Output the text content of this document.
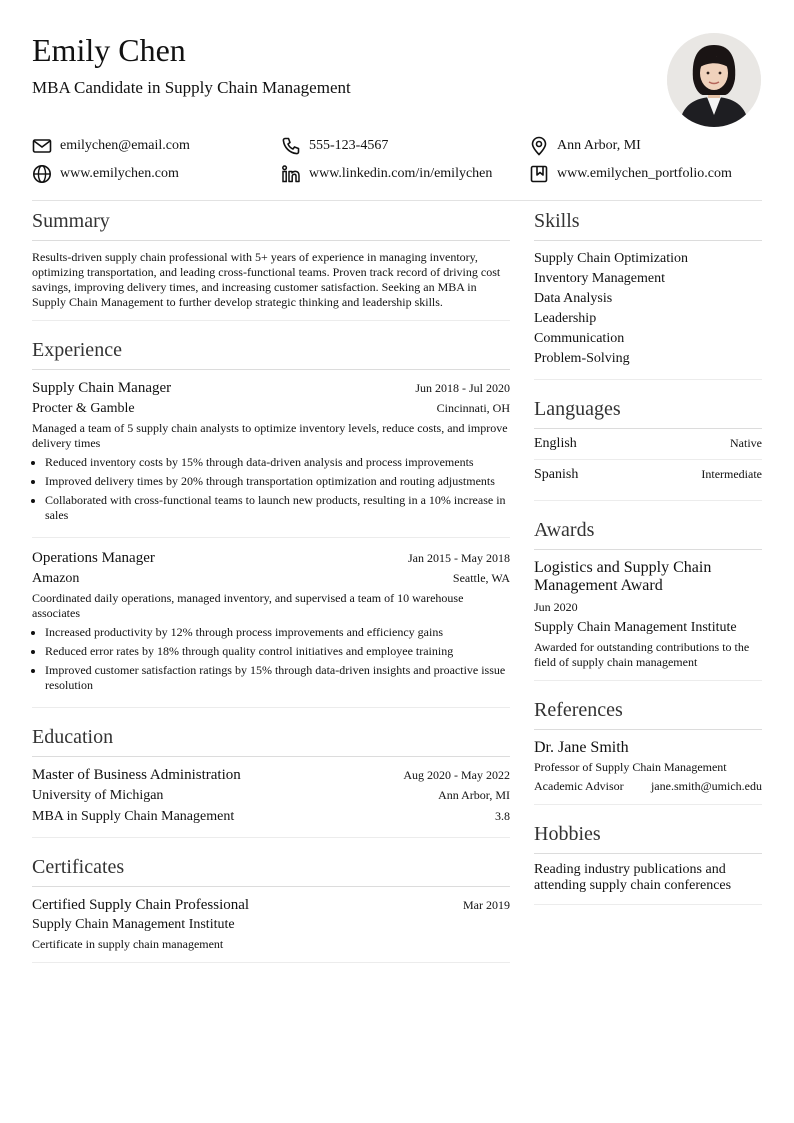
Emily Chen
MBA Candidate in Supply Chain Management
emilychen@email.com	555-123-4567	Ann Arbor, MI
www.emilychen.com	www.linkedin.com/in/emilychen	www.emilychen_portfolio.com
Summary
Results-driven supply chain professional with 5+ years of experience in managing inventory, optimizing transportation, and leading cross-functional teams. Proven track record of driving cost savings, improving delivery times, and increasing customer satisfaction. Seeking an MBA in Supply Chain Management to further develop strategic thinking and leadership skills.
Experience
Supply Chain Manager	Jun 2018 - Jul 2020
Procter & Gamble	Cincinnati, OH
Managed a team of 5 supply chain analysts to optimize inventory levels, reduce costs, and improve delivery times
• Reduced inventory costs by 15% through data-driven analysis and process improvements
• Improved delivery times by 20% through transportation optimization and routing adjustments
• Collaborated with cross-functional teams to launch new products, resulting in a 10% increase in sales
Operations Manager	Jan 2015 - May 2018
Amazon	Seattle, WA
Coordinated daily operations, managed inventory, and supervised a team of 10 warehouse associates
• Increased productivity by 12% through process improvements and efficiency gains
• Reduced error rates by 18% through quality control initiatives and employee training
• Improved customer satisfaction ratings by 15% through data-driven insights and proactive issue resolution
Education
Master of Business Administration	Aug 2020 - May 2022
University of Michigan	Ann Arbor, MI
MBA in Supply Chain Management	3.8
Certificates
Certified Supply Chain Professional	Mar 2019
Supply Chain Management Institute
Certificate in supply chain management
Skills
Supply Chain Optimization
Inventory Management
Data Analysis
Leadership
Communication
Problem-Solving
Languages
English	Native
Spanish	Intermediate
Awards
Logistics and Supply Chain Management Award
Jun 2020
Supply Chain Management Institute
Awarded for outstanding contributions to the field of supply chain management
References
Dr. Jane Smith
Professor of Supply Chain Management
Academic Advisor jane.smith@umich.edu
Hobbies
Reading industry publications and attending supply chain conferences
